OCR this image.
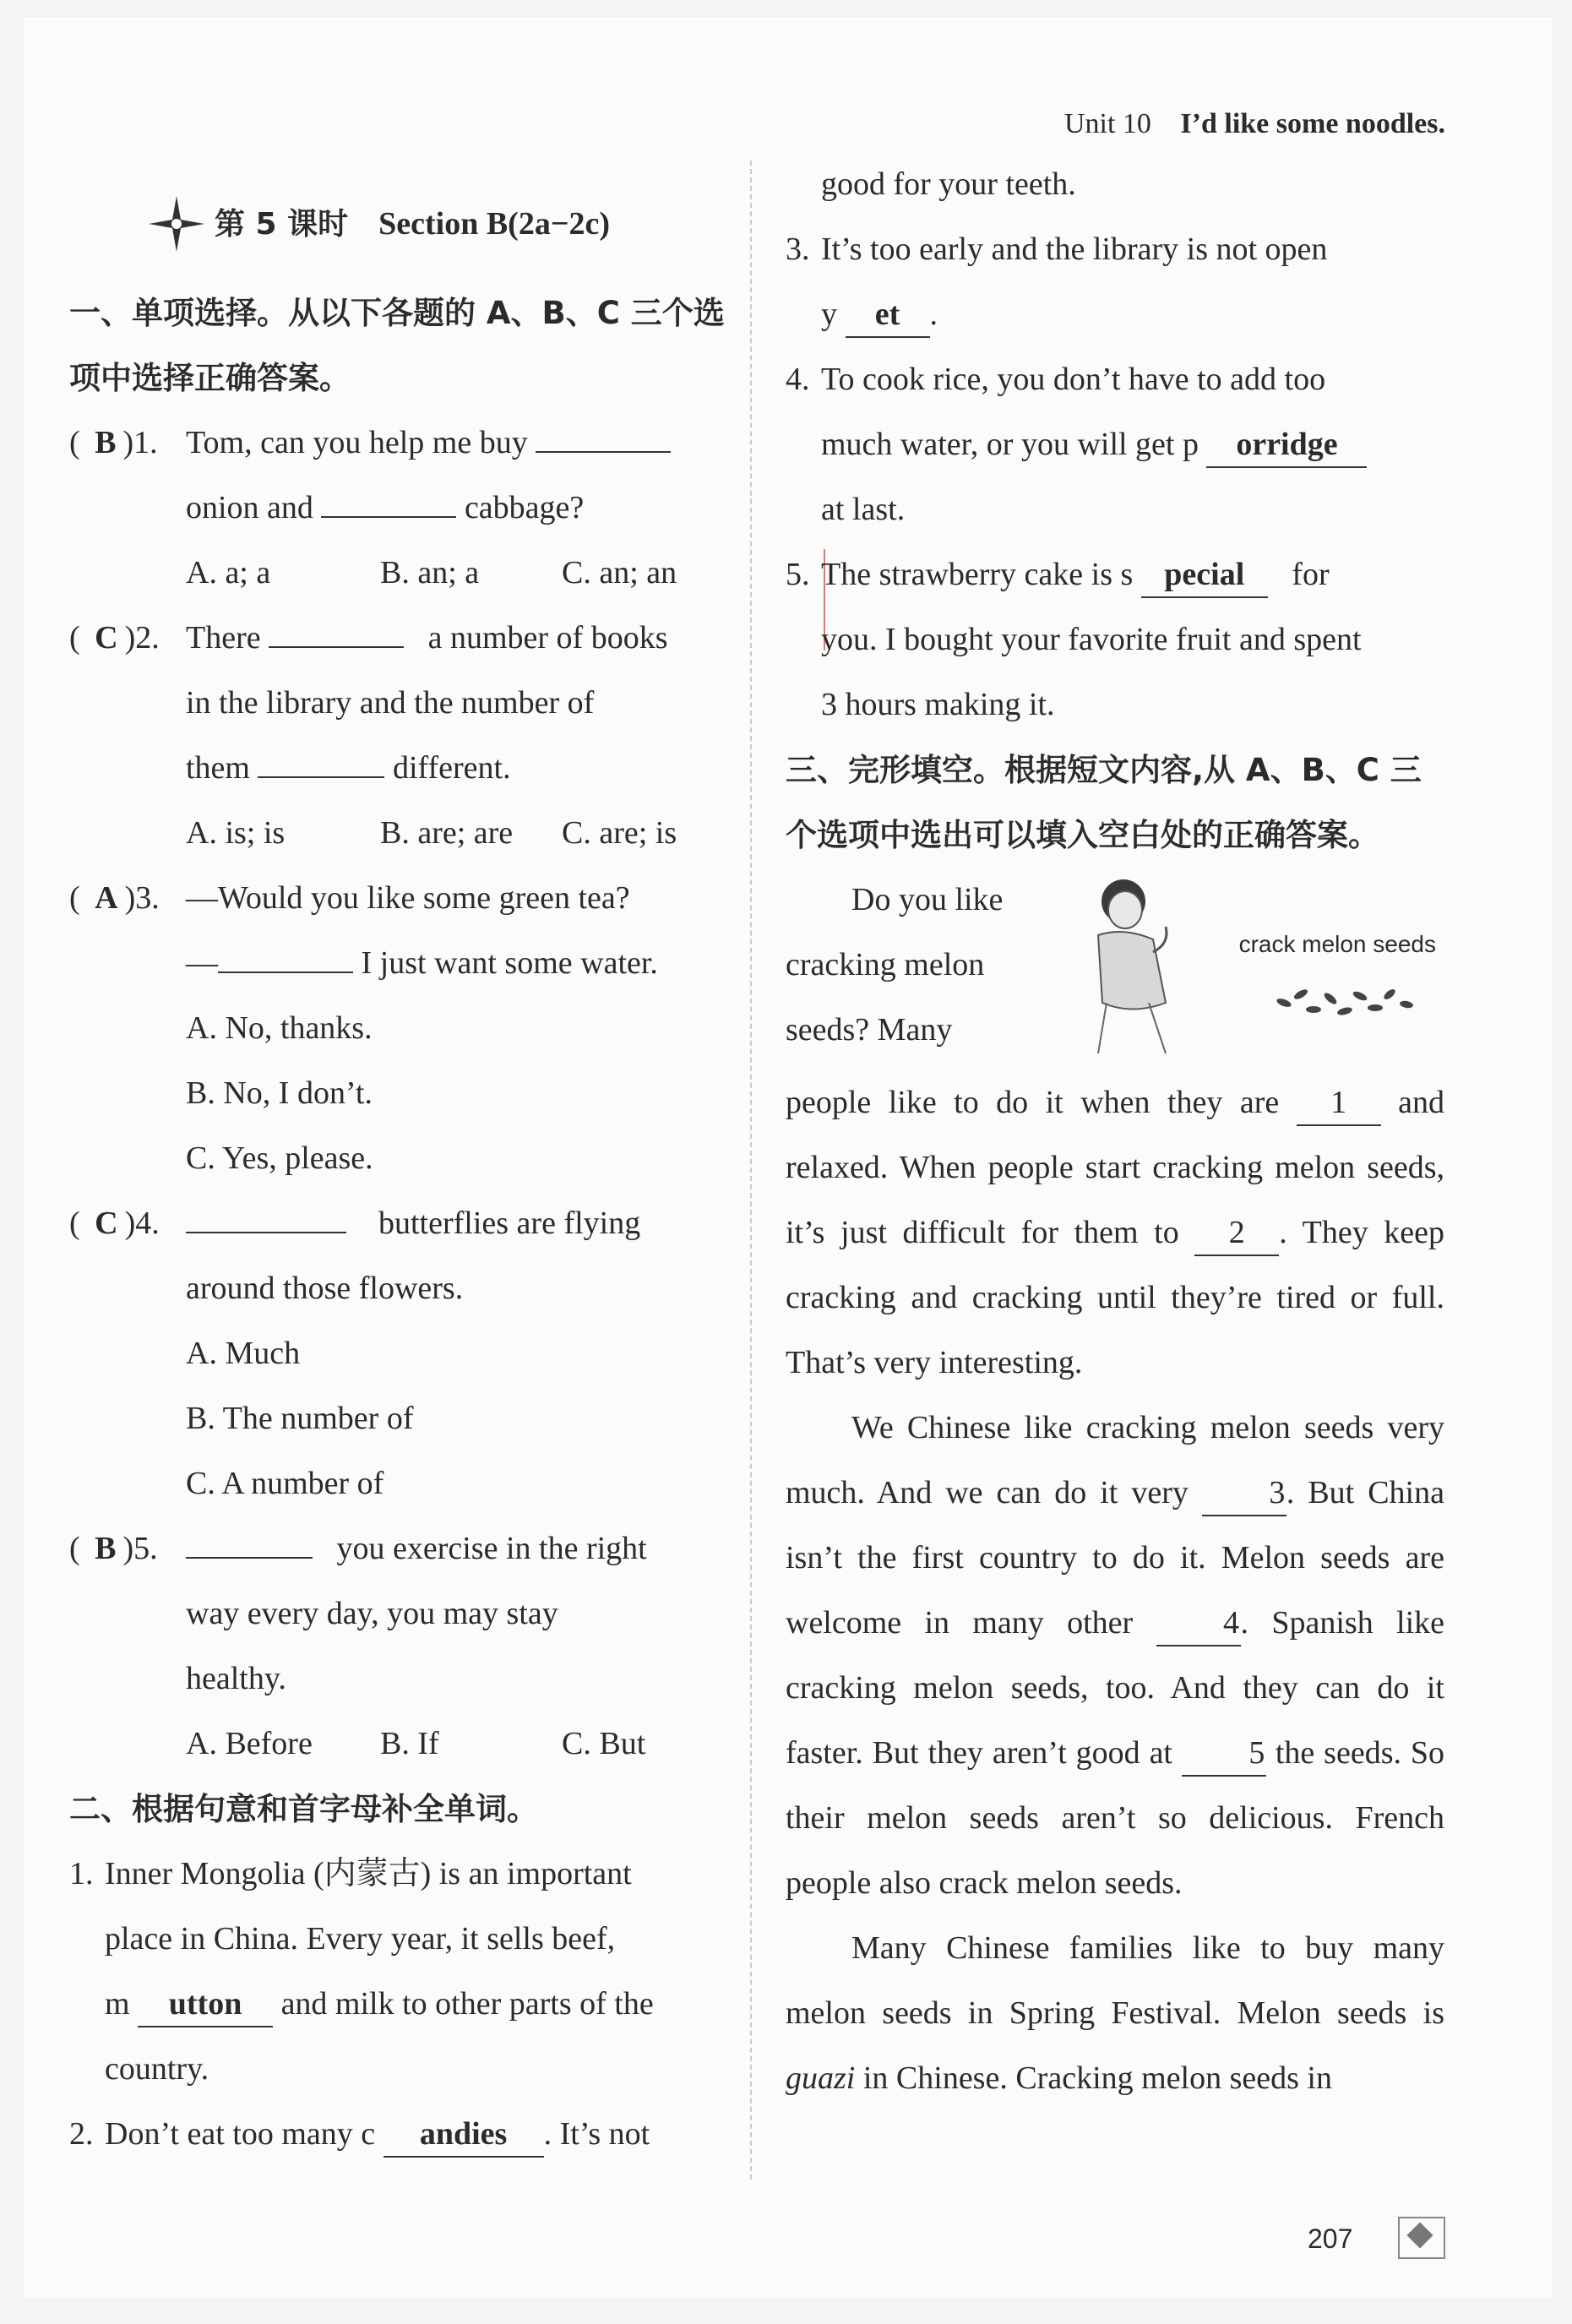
Unit 10 I’d like some noodles.
第 5 课时 Section B(2a−2c)
一、单项选择。从以下各题的 A、B、C 三个选项中选择正确答案。
( B )1. Tom, can you help me buy
onion and	cabbage?
A. a; a	B. an; a	C. an; an
( C )2. There	a number of books
in the library and the number of
them	different.
A. is; is	B. are; are	C. are; is
( A )3. —Would you like some green tea?
—	I just want some water.
A. No, thanks.
B. No, I don’t.
C. Yes, please.
( C )4.	butterflies are flying
around those flowers.
A. Much
B. The number of
C. A number of
( B )5.	you exercise in the right
way every day, you may stay
healthy.
A. Before	B. If	C. But
二、根据句意和首字母补全单词。
1. Inner Mongolia (内蒙古) is an important
place in China. Every year, it sells beef,
m utton and milk to other parts of the
country.
2. Don’t eat too many c andies . It’s not
good for your teeth.
3. It’s too early and the library is not open
y et .
4. To cook rice, you don’t have to add too
much water, or you will get p orridge
at last.
5. The strawberry cake is s pecial for
you. I bought your favorite fruit and spent
3 hours making it.
三、完形填空。根据短文内容,从 A、B、C 三个选项中选出可以填入空白处的正确答案。
Do you like
cracking melon
seeds? Many
crack melon seeds
people like to do it when they are 1 and relaxed. When people start cracking melon seeds, it’s just difficult for them to 2 . They keep cracking and cracking until they’re tired or full. That’s very interesting.
We Chinese like cracking melon seeds very much. And we can do it very	3. But China isn’t the first country to do it. Melon seeds are welcome in many other	4. Spanish like cracking melon seeds, too. And they can do it faster. But they aren’t good at 5 the seeds. So their melon seeds aren’t so delicious. French people also crack melon seeds.
Many Chinese families like to buy many melon seeds in Spring Festival. Melon seeds is guazi in Chinese. Cracking melon seeds in
207
